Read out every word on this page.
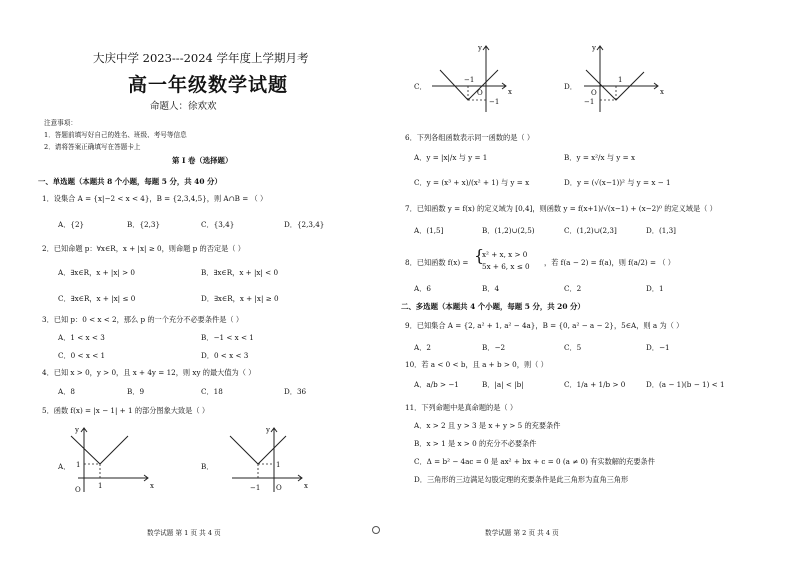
大庆中学 2023---2024 学年度上学期月考
高一年级数学试题
命题人：徐欢欢
注意事项：
1．答题前填写好自己的姓名、班级、考号等信息
2．请将答案正确填写在答题卡上
第 I 卷（选择题）
一、单选题（本题共 8 个小题，每题 5 分，共 40 分）
1．设集合 A = {x|−2 < x < 4}，B = {2,3,4,5}，则 A∩B = （ ）
A．{2}	B．{2,3}	C．{3,4}	D．{2,3,4}
2．已知命题 p：∀x∈R，x + |x| ≥ 0，则命题 p 的否定是（ ）
A．∃x∈R，x + |x| > 0	B．∃x∈R，x + |x| < 0
C．∃x∈R，x + |x| ≤ 0	D．∃x∈R，x + |x| ≥ 0
3．已知 p：0 < x < 2，那么 p 的一个充分不必要条件是（ ）
A．1 < x < 3	B．−1 < x < 1
C．0 < x < 1	D．0 < x < 3
4．已知 x > 0，y > 0，且 x + 4y = 12，则 xy 的最大值为（ ）
A．8	B．9	C．18	D．36
5．函数 f(x) = |x − 1| + 1 的部分图象大致是（ ）
A．	B．
y
x
O
1
1
y
x
O
1
−1
数学试题 第 1 页 共 4 页
C．	D．
y
x
O
−1
−1
y
x
O
1
−1
6．下列各组函数表示同一函数的是（ ）
A．y = |x|/x 与 y = 1	B．y = x²/x 与 y = x
C．y = (x³ + x)/(x² + 1) 与 y = x	D．y = (√(x−1))² 与 y = x − 1
7．已知函数 y = f(x) 的定义域为 [0,4]，则函数 y = f(x+1)/√(x−1) + (x−2)⁰ 的定义域是（ ）
A．(1,5]	B．(1,2)∪(2,5)	C．(1,2)∪(2,3]	D．(1,3]
8．已知函数 f(x) = {
x² + x, x > 0
5x + 6, x ≤ 0 ，若 f(a − 2) = f(a)，则 f(a/2) = （ ）
A．6	B．4	C．2	D．1
二、多选题（本题共 4 个小题，每题 5 分，共 20 分）
9．已知集合 A = {2, a² + 1, a² − 4a}，B = {0, a² − a − 2}，5∈A，则 a 为（ ）
A．2	B．−2	C．5	D．−1
10．若 a < 0 < b，且 a + b > 0，则（ ）
A．a/b > −1	B．|a| < |b|	C．1/a + 1/b > 0	D．(a − 1)(b − 1) < 1
11．下列命题中是真命题的是（ ）
A．x > 2 且 y > 3 是 x + y > 5 的充要条件
B．x > 1 是 x > 0 的充分不必要条件
C．Δ = b² − 4ac = 0 是 ax² + bx + c = 0 (a ≠ 0) 有实数解的充要条件
D．三角形的三边满足勾股定理的充要条件是此三角形为直角三角形
数学试题 第 2 页 共 4 页
